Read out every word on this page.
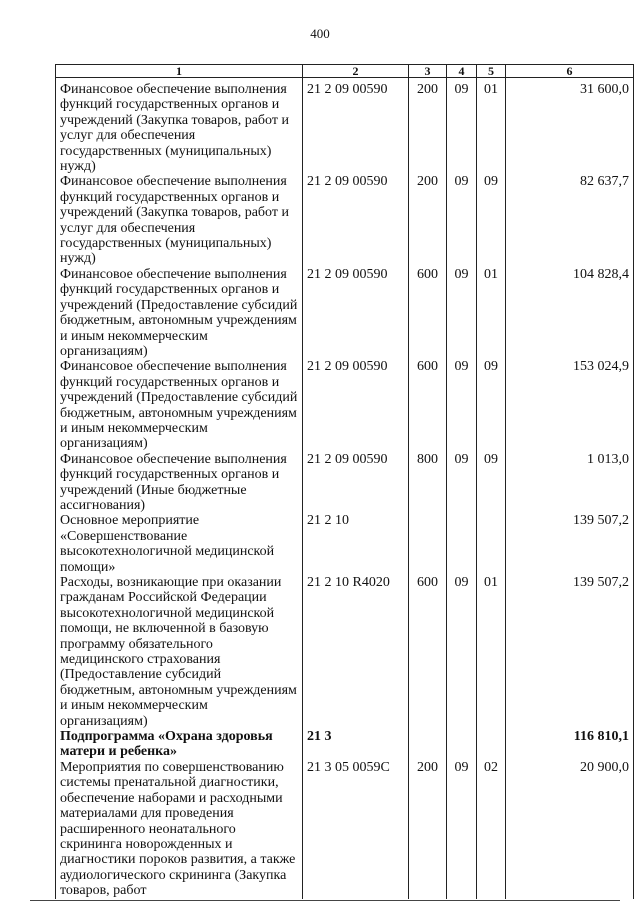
400
1	2	3	4	5	6
Финансовое обеспечение выполнения функций государственных органов и учреждений (Закупка товаров, работ и услуг для обеспечения государственных (муниципальных) нужд)	21 2 09 00590	200	09	01	31 600,0
Финансовое обеспечение выполнения функций государственных органов и учреждений (Закупка товаров, работ и услуг для обеспечения государственных (муниципальных) нужд)	21 2 09 00590	200	09	09	82 637,7
Финансовое обеспечение выполнения функций государственных органов и учреждений (Предоставление субсидий бюджетным, автономным учреждениям и иным некоммерческим организациям)	21 2 09 00590	600	09	01	104 828,4
Финансовое обеспечение выполнения функций государственных органов и учреждений (Предоставление субсидий бюджетным, автономным учреждениям и иным некоммерческим организациям)	21 2 09 00590	600	09	09	153 024,9
Финансовое обеспечение выполнения функций государственных органов и учреждений (Иные бюджетные ассигнования)	21 2 09 00590	800	09	09	1 013,0
Основное мероприятие «Совершенствование высокотехнологичной медицинской помощи»	21 2 10				139 507,2
Расходы, возникающие при оказании гражданам Российской Федерации высокотехнологичной медицинской помощи, не включенной в базовую программу обязательного медицинского страхования (Предоставление субсидий бюджетным, автономным учреждениям и иным некоммерческим организациям)	21 2 10 R4020	600	09	01	139 507,2
Подпрограмма «Охрана здоровья матери и ребенка»	21 3				116 810,1
Мероприятия по совершенствованию системы пренатальной диагностики, обеспечение наборами и расходными материалами для проведения расширенного неонатального скрининга новорожденных и диагностики пороков развития, а также аудиологического скрининга (Закупка товаров, работ	21 3 05 0059С	200	09	02	20 900,0
